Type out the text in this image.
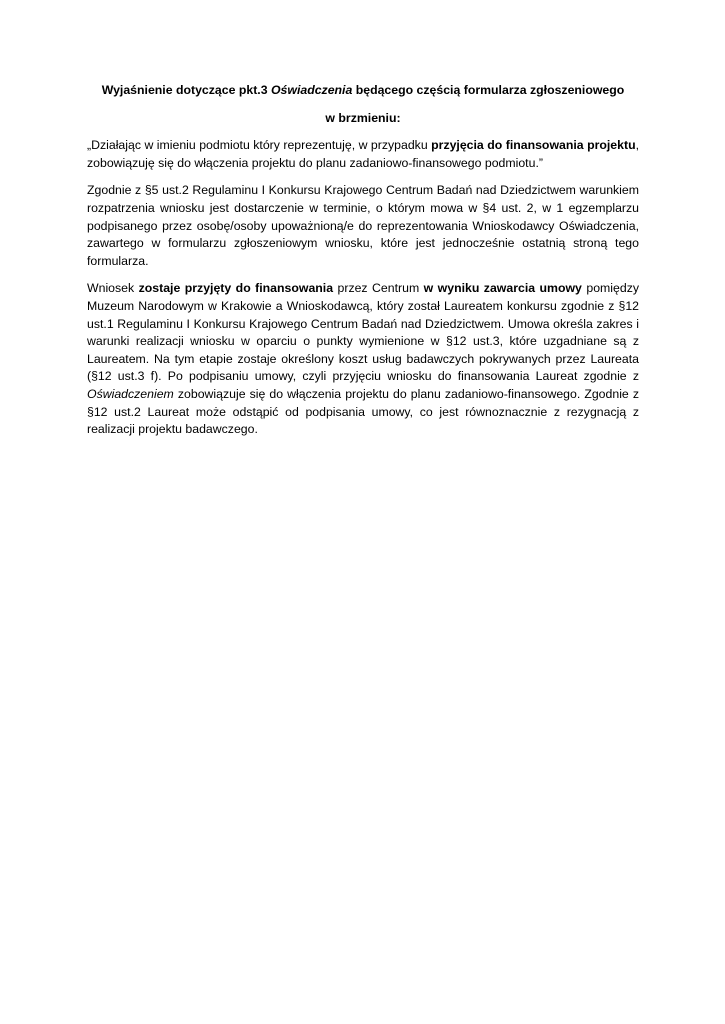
Wyjaśnienie dotyczące pkt.3 Oświadczenia będącego częścią formularza zgłoszeniowego
w brzmieniu:

„Działając w imieniu podmiotu który reprezentuję, w przypadku przyjęcia do finansowania projektu, zobowiązuję się do włączenia projektu do planu zadaniowo-finansowego podmiotu.”

Zgodnie z §5 ust.2 Regulaminu I Konkursu Krajowego Centrum Badań nad Dziedzictwem warunkiem rozpatrzenia wniosku jest dostarczenie w terminie, o którym mowa w §4 ust. 2, w 1 egzemplarzu podpisanego przez osobę/osoby upoważnioną/e do reprezentowania Wnioskodawcy Oświadczenia, zawartego w formularzu zgłoszeniowym wniosku, które jest jednocześnie ostatnią stroną tego formularza.

Wniosek zostaje przyjęty do finansowania przez Centrum w wyniku zawarcia umowy pomiędzy Muzeum Narodowym w Krakowie a Wnioskodawcą, który został Laureatem konkursu zgodnie z §12 ust.1 Regulaminu I Konkursu Krajowego Centrum Badań nad Dziedzictwem. Umowa określa zakres i warunki realizacji wniosku w oparciu o punkty wymienione w §12 ust.3, które uzgadniane są z Laureatem. Na tym etapie zostaje określony koszt usług badawczych pokrywanych przez Laureata (§12 ust.3 f). Po podpisaniu umowy, czyli przyjęciu wniosku do finansowania Laureat zgodnie z Oświadczeniem zobowiązuje się do włączenia projektu do planu zadaniowo-finansowego. Zgodnie z §12 ust.2 Laureat może odstąpić od podpisania umowy, co jest równoznacznie z rezygnacją z realizacji projektu badawczego.
